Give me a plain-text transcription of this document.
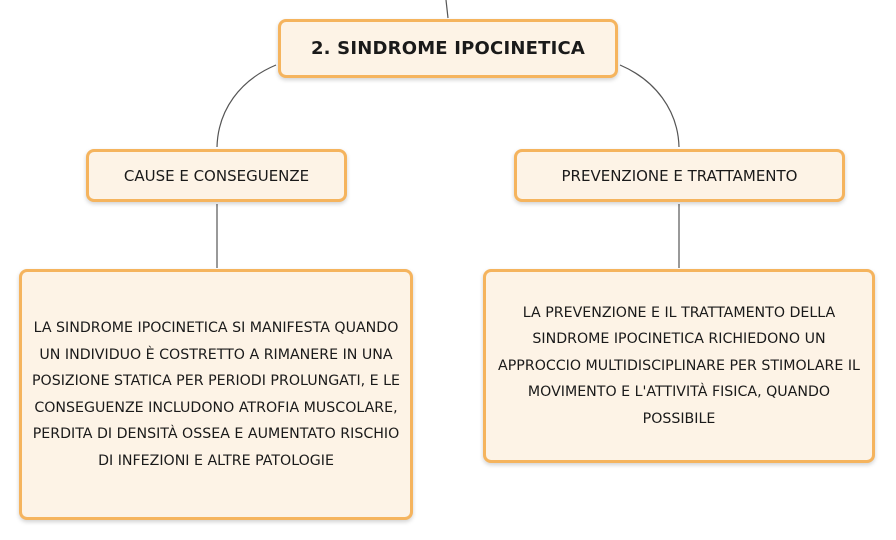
2. SINDROME IPOCINETICA
CAUSE E CONSEGUENZE	PREVENZIONE E TRATTAMENTO
LA SINDROME IPOCINETICA SI MANIFESTA QUANDO UN INDIVIDUO È COSTRETTO A RIMANERE IN UNA POSIZIONE STATICA PER PERIODI PROLUNGATI, E LE CONSEGUENZE INCLUDONO ATROFIA MUSCOLARE, PERDITA DI DENSITÀ OSSEA E AUMENTATO RISCHIO DI INFEZIONI E ALTRE PATOLOGIE
LA PREVENZIONE E IL TRATTAMENTO DELLA SINDROME IPOCINETICA RICHIEDONO UN APPROCCIO MULTIDISCIPLINARE PER STIMOLARE IL MOVIMENTO E L'ATTIVITÀ FISICA, QUANDO POSSIBILE
